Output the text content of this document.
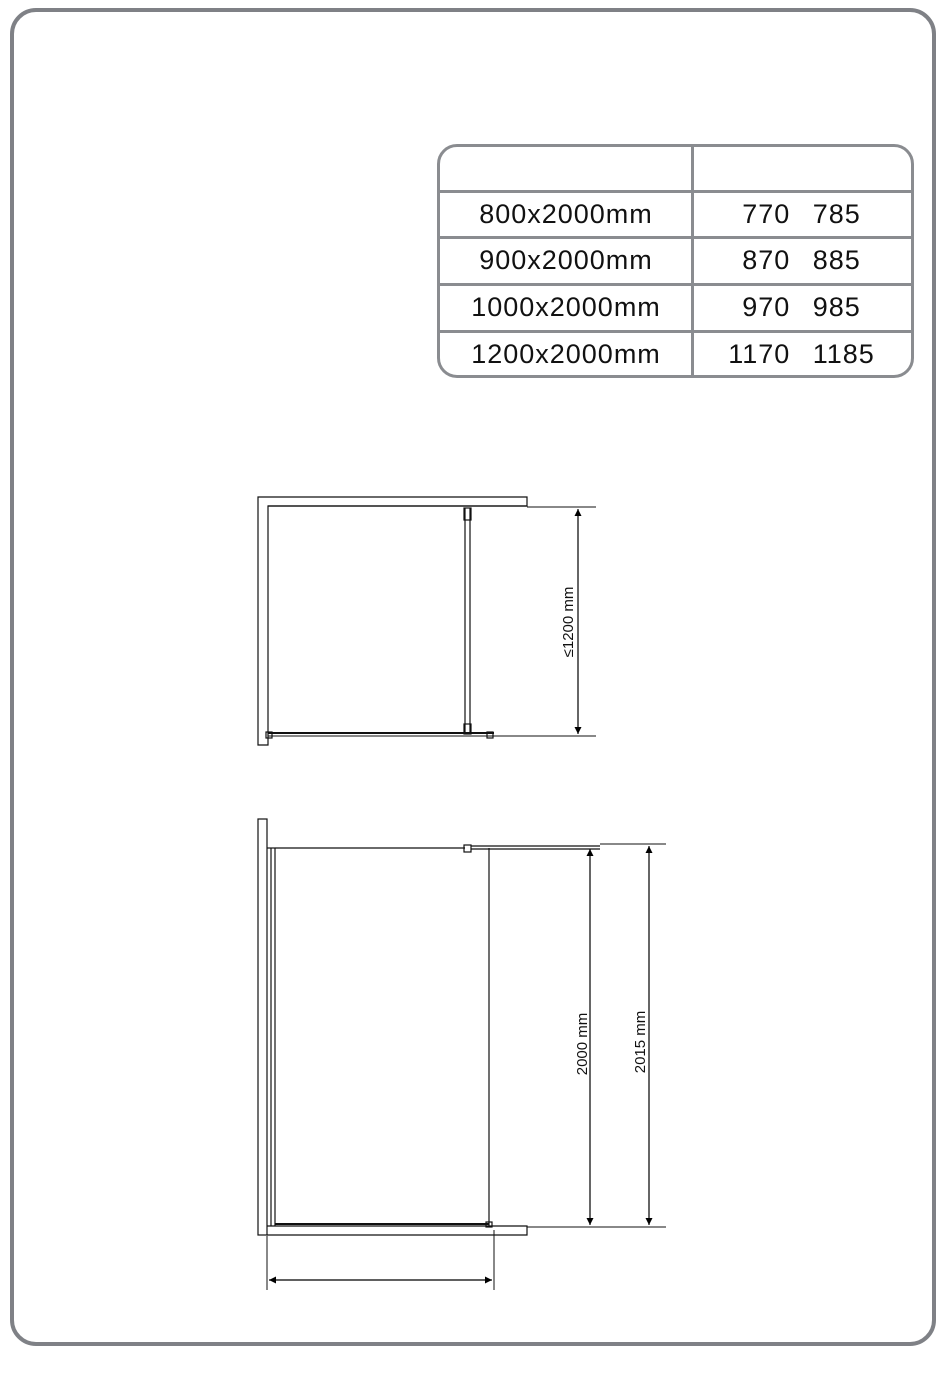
800x2000mm	770 785
900x2000mm	870 885
1000x2000mm	970 985
1200x2000mm	1170 1185
≤1200 mm
2000 mm	2015 mm
